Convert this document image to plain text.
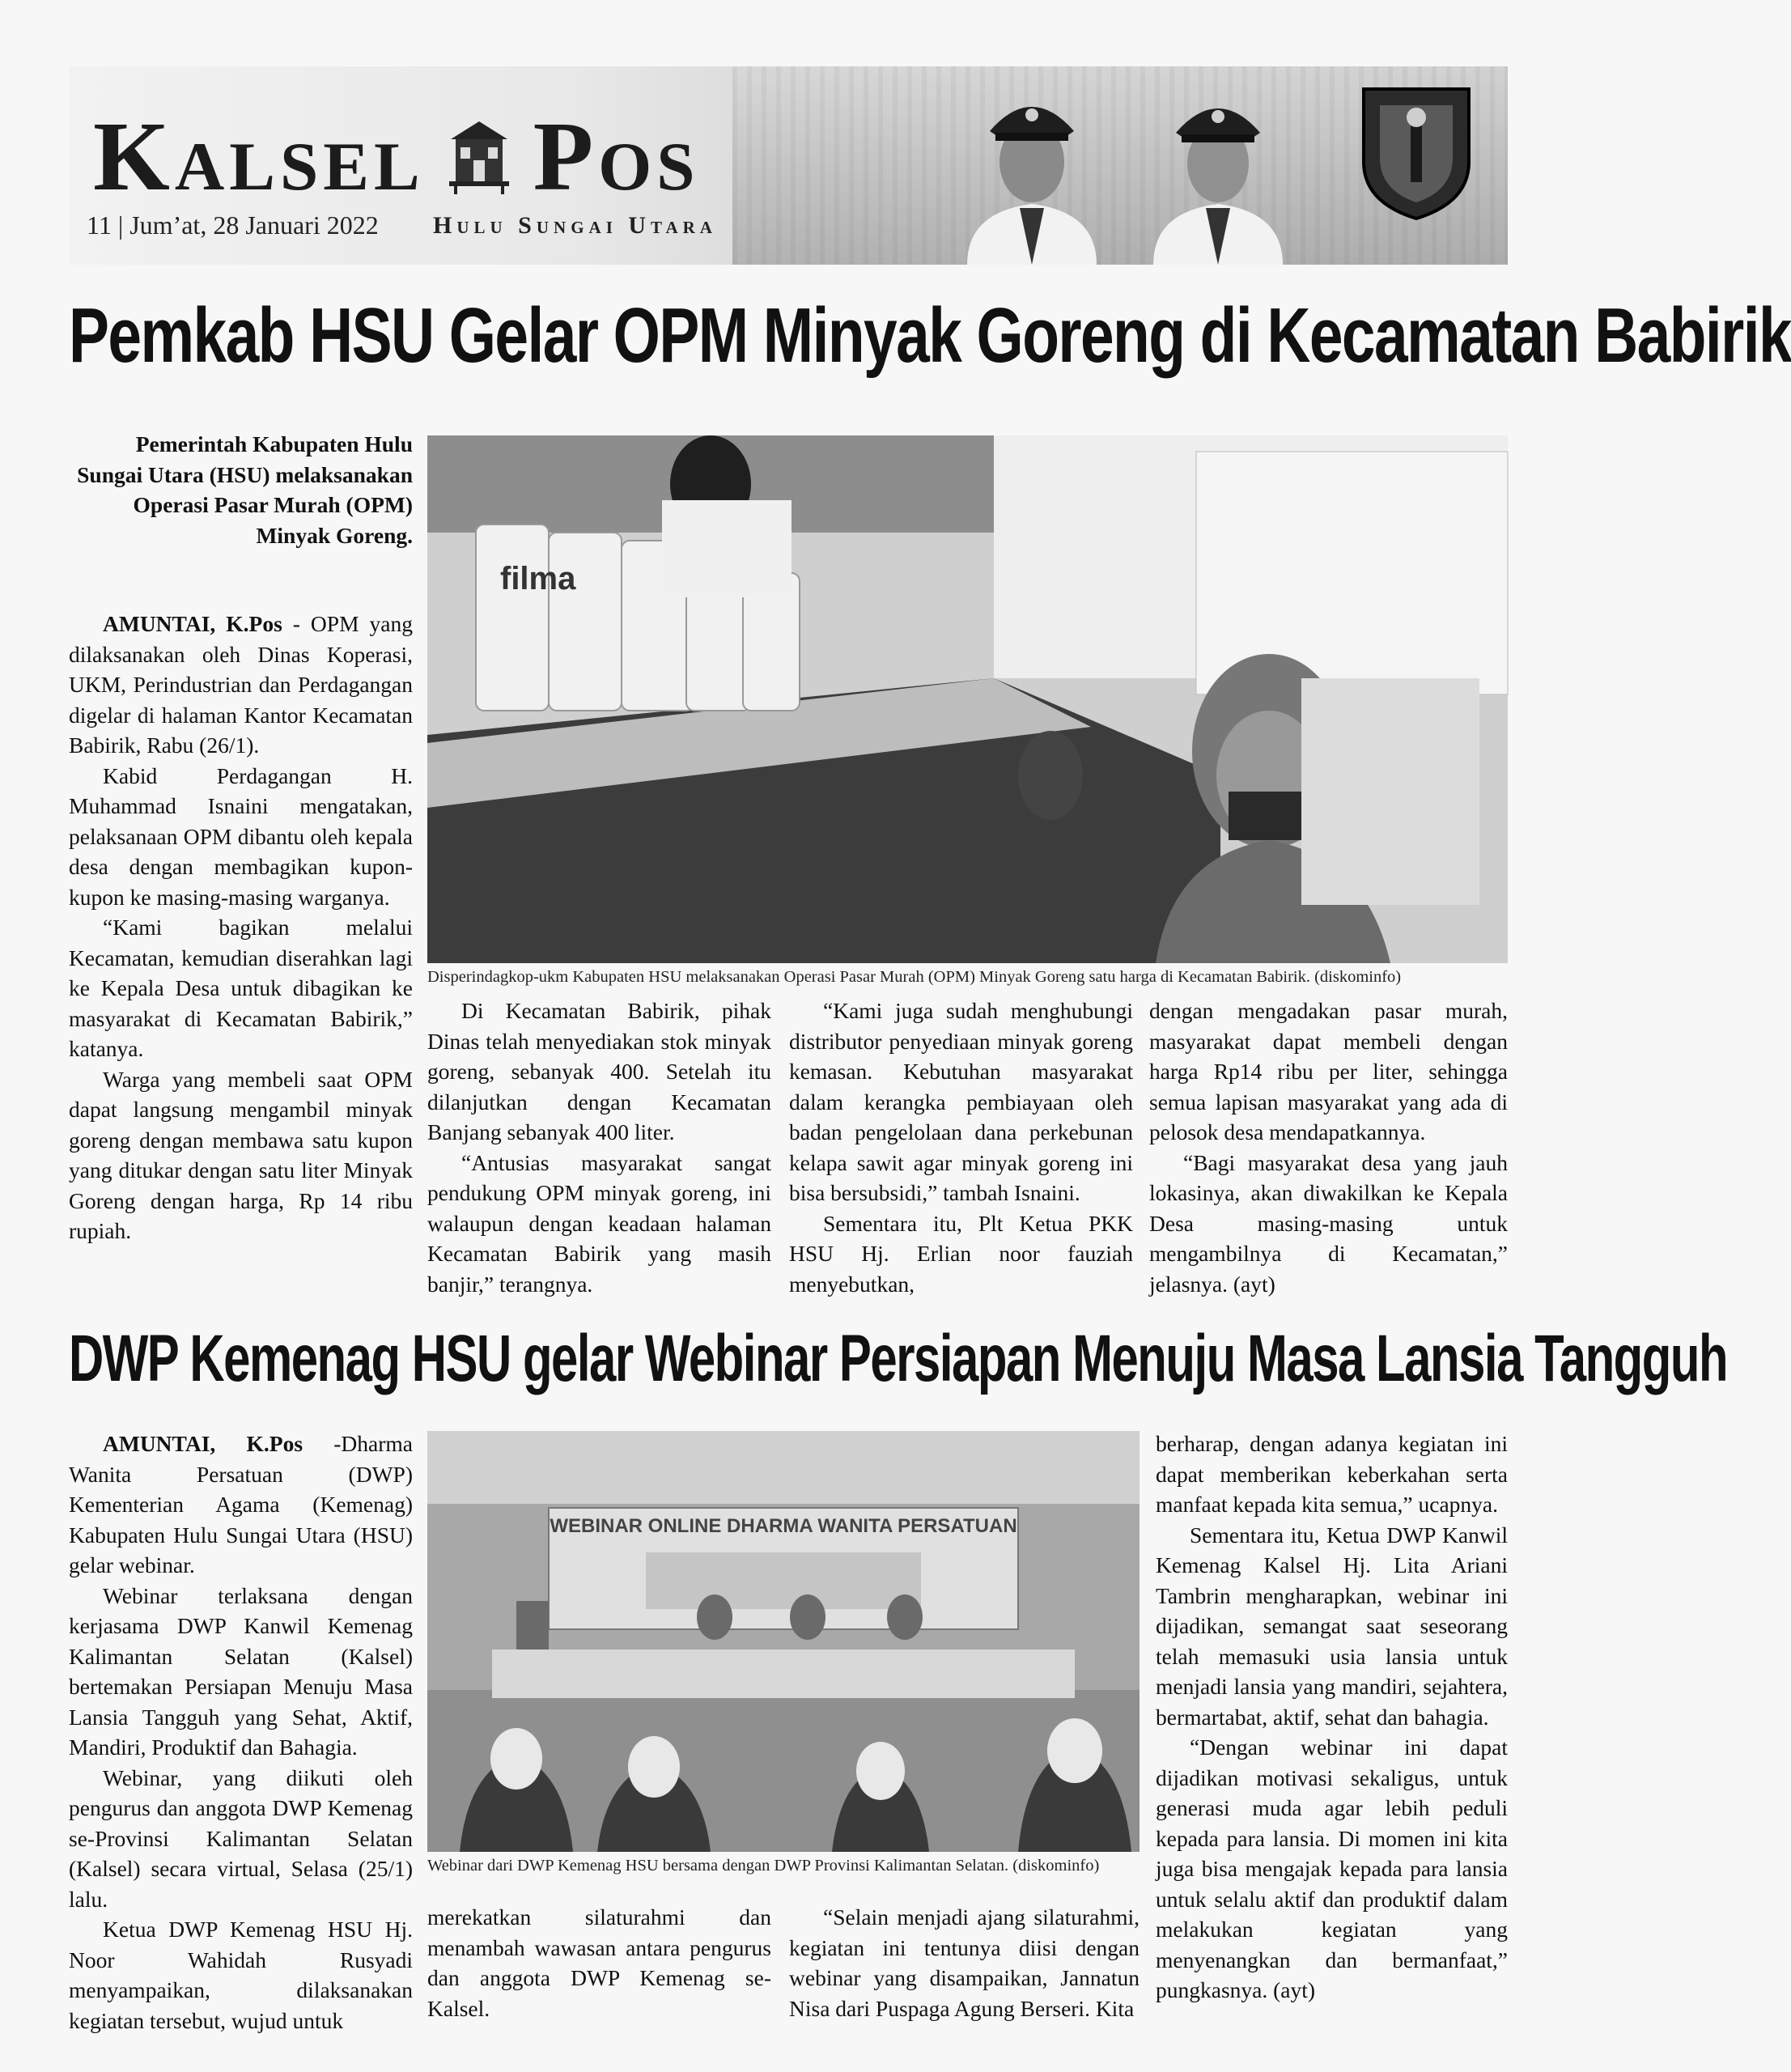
Kalsel Pos
11 | Jum’at, 28 Januari 2022 Hulu Sungai Utara
Pemkab HSU Gelar OPM Minyak Goreng di Kecamatan Babirik
Pemerintah Kabupaten Hulu Sungai Utara (HSU) melaksanakan Operasi Pasar Murah (OPM) Minyak Goreng.

AMUNTAI, K.Pos - OPM yang dilaksanakan oleh Dinas Koperasi, UKM, Perindustrian dan Perdagangan digelar di halaman Kantor Kecamatan Babirik, Rabu (26/1).

Kabid Perdagangan H. Muhammad Isnaini mengatakan, pelaksanaan OPM dibantu oleh kepala desa dengan membagikan kupon-kupon ke masing-masing warganya.

“Kami bagikan melalui Kecamatan, kemudian diserahkan lagi ke Kepala Desa untuk dibagikan ke masyarakat di Kecamatan Babirik,” katanya.

Warga yang membeli saat OPM dapat langsung mengambil minyak goreng dengan membawa satu kupon yang ditukar dengan satu liter Minyak Goreng dengan harga, Rp 14 ribu rupiah.

filma
Disperindagkop-ukm Kabupaten HSU melaksanakan Operasi Pasar Murah (OPM) Minyak Goreng satu harga di Kecamatan Babirik. (diskominfo)

Di Kecamatan Babirik, pihak Dinas telah menyediakan stok minyak goreng, sebanyak 400. Setelah itu dilanjutkan dengan Kecamatan Banjang sebanyak 400 liter.

“Antusias masyarakat sangat pendukung OPM minyak goreng, ini walaupun dengan keadaan halaman Kecamatan Babirik yang masih banjir,” terangnya.

“Kami juga sudah menghubungi distributor penyediaan minyak goreng kemasan. Kebutuhan masyarakat dalam kerangka pembiayaan oleh badan pengelolaan dana perkebunan kelapa sawit agar minyak goreng ini bisa bersubsidi,” tambah Isnaini.

Sementara itu, Plt Ketua PKK HSU Hj. Erlian noor fauziah menyebutkan,

dengan mengadakan pasar murah, masyarakat dapat membeli dengan harga Rp14 ribu per liter, sehingga semua lapisan masyarakat yang ada di pelosok desa mendapatkannya.

“Bagi masyarakat desa yang jauh lokasinya, akan diwakilkan ke Kepala Desa masing-masing untuk mengambilnya di Kecamatan,” jelasnya. (ayt)

DWP Kemenag HSU gelar Webinar Persiapan Menuju Masa Lansia Tangguh

AMUNTAI, K.Pos -Dharma Wanita Persatuan (DWP) Kementerian Agama (Kemenag) Kabupaten Hulu Sungai Utara (HSU) gelar webinar.

Webinar terlaksana dengan kerjasama DWP Kanwil Kemenag Kalimantan Selatan (Kalsel) bertemakan Persiapan Menuju Masa Lansia Tangguh yang Sehat, Aktif, Mandiri, Produktif dan Bahagia.

Webinar, yang diikuti oleh pengurus dan anggota DWP Kemenag se-Provinsi Kalimantan Selatan (Kalsel) secara virtual, Selasa (25/1) lalu.

Ketua DWP Kemenag HSU Hj. Noor Wahidah Rusyadi menyampaikan, dilaksanakan kegiatan tersebut, wujud untuk

WEBINAR ONLINE DHARMA WANITA PERSATUAN
Webinar dari DWP Kemenag HSU bersama dengan DWP Provinsi Kalimantan Selatan. (diskominfo)

merekatkan silaturahmi dan menambah wawasan antara pengurus dan anggota DWP Kemenag se-Kalsel.

“Selain menjadi ajang silaturahmi, kegiatan ini tentunya diisi dengan webinar yang disampaikan, Jannatun Nisa dari Puspaga Agung Berseri. Kita

berharap, dengan adanya kegiatan ini dapat memberikan keberkahan serta manfaat kepada kita semua,” ucapnya.

Sementara itu, Ketua DWP Kanwil Kemenag Kalsel Hj. Lita Ariani Tambrin mengharapkan, webinar ini dijadikan, semangat saat seseorang telah memasuki usia lansia untuk menjadi lansia yang mandiri, sejahtera, bermartabat, aktif, sehat dan bahagia.

“Dengan webinar ini dapat dijadikan motivasi sekaligus, untuk generasi muda agar lebih peduli kepada para lansia. Di momen ini kita juga bisa mengajak kepada para lansia untuk selalu aktif dan produktif dalam melakukan kegiatan yang menyenangkan dan bermanfaat,” pungkasnya. (ayt)
